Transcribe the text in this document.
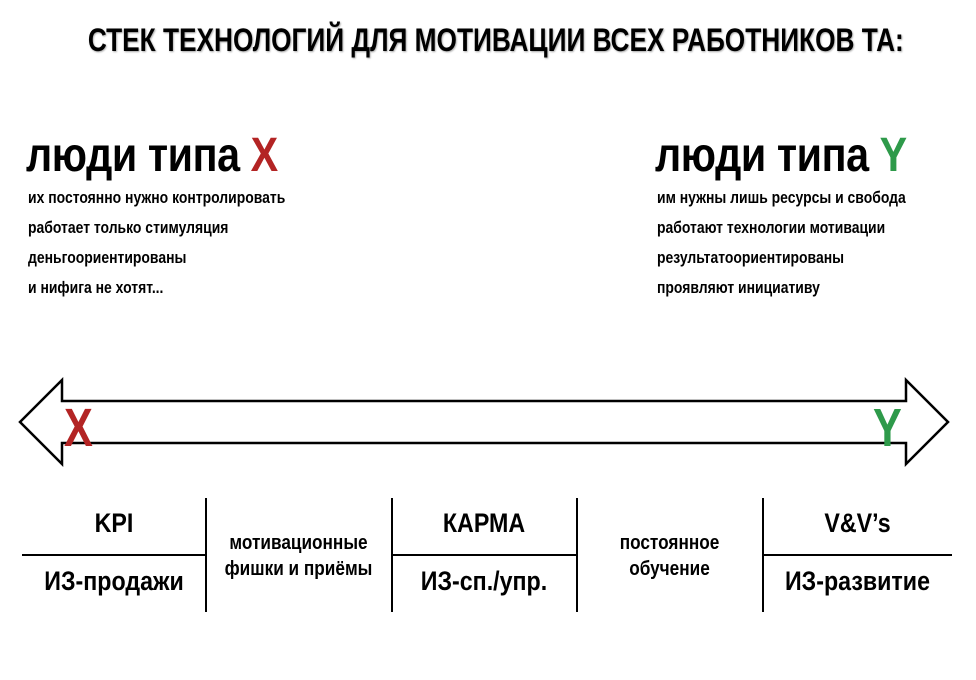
СТЕК ТЕХНОЛОГИЙ ДЛЯ МОТИВАЦИИ ВСЕХ РАБОТНИКОВ ТА:
люди типа X
их постоянно нужно контролировать
работает только стимуляция
деньгоориентированы
и нифига не хотят...
люди типа Y
им нужны лишь ресурсы и свобода
работают технологии мотивации
результатоориентированы
проявляют инициативу
X	Y
KPI
ИЗ-продажи
мотивационные
фишки и приёмы
КАРМА
ИЗ-сп./упр.
постоянное
обучение
V&V’s
ИЗ-развитие
